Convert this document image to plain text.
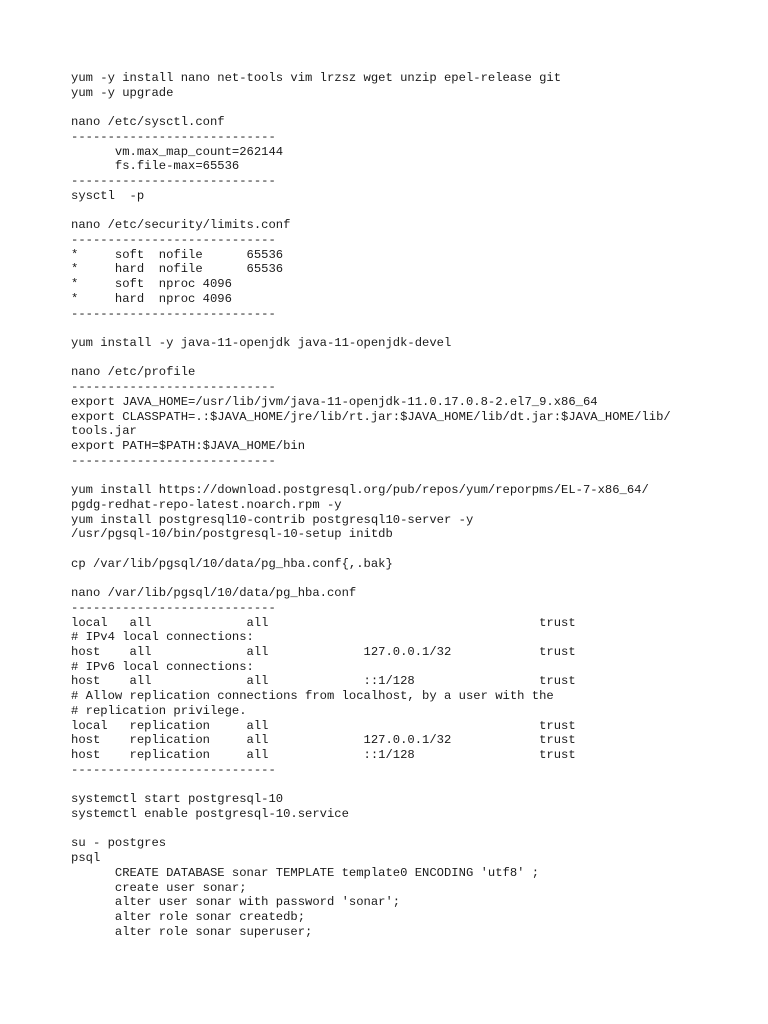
yum -y install nano net-tools vim lrzsz wget unzip epel-release git
yum -y upgrade
nano /etc/sysctl.conf
----------------------------
vm.max_map_count=262144
fs.file-max=65536
----------------------------
sysctl  -p
nano /etc/security/limits.conf
----------------------------
*     soft  nofile      65536
*     hard  nofile      65536
*     soft  nproc 4096
*     hard  nproc 4096
----------------------------
yum install -y java-11-openjdk java-11-openjdk-devel
nano /etc/profile
----------------------------
export JAVA_HOME=/usr/lib/jvm/java-11-openjdk-11.0.17.0.8-2.el7_9.x86_64
export CLASSPATH=.:$JAVA_HOME/jre/lib/rt.jar:$JAVA_HOME/lib/dt.jar:$JAVA_HOME/lib/
tools.jar
export PATH=$PATH:$JAVA_HOME/bin
----------------------------
yum install https://download.postgresql.org/pub/repos/yum/reporpms/EL-7-x86_64/
pgdg-redhat-repo-latest.noarch.rpm -y
yum install postgresql10-contrib postgresql10-server -y
/usr/pgsql-10/bin/postgresql-10-setup initdb
cp /var/lib/pgsql/10/data/pg_hba.conf{,.bak}
nano /var/lib/pgsql/10/data/pg_hba.conf
----------------------------
local   all             all                                     trust
# IPv4 local connections:
host    all             all             127.0.0.1/32            trust
# IPv6 local connections:
host    all             all             ::1/128                 trust
# Allow replication connections from localhost, by a user with the
# replication privilege.
local   replication     all                                     trust
host    replication     all             127.0.0.1/32            trust
host    replication     all             ::1/128                 trust
----------------------------
systemctl start postgresql-10
systemctl enable postgresql-10.service
su - postgres
psql
CREATE DATABASE sonar TEMPLATE template0 ENCODING 'utf8' ;
create user sonar;
alter user sonar with password 'sonar';
alter role sonar createdb;
alter role sonar superuser;
